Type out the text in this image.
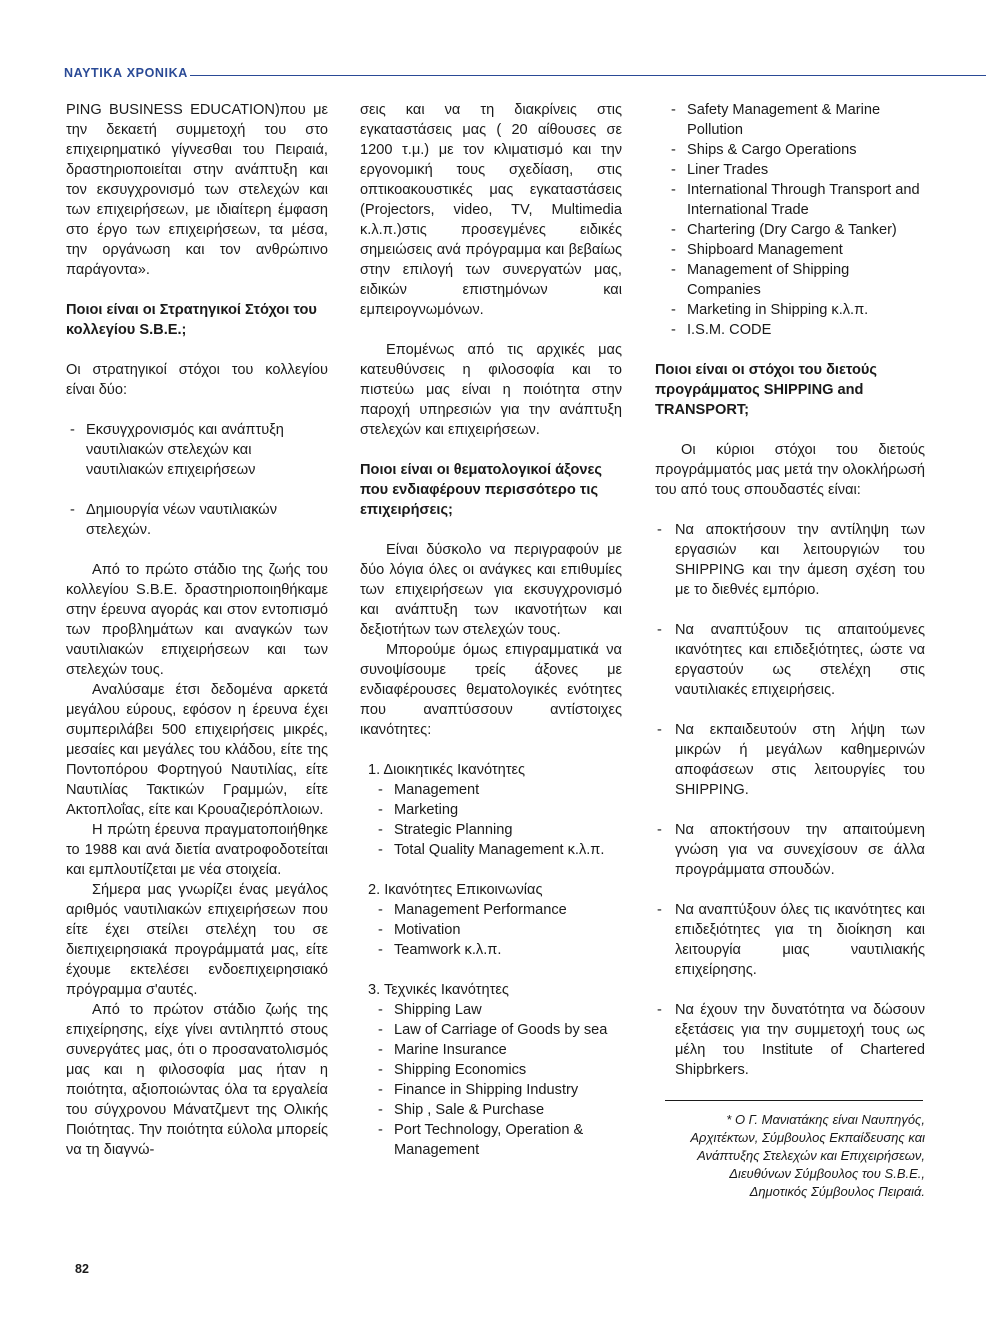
ΝΑΥΤΙΚΑ ΧΡΟΝΙΚΑ

PING BUSINESS EDUCATION)που με την δεκαετή συμμετοχή του στο επιχειρηματικό γίγνεσθαι του Πειραιά, δραστηριοποιείται στην ανάπτυξη και τον εκσυγχρονισμό των στελεχών και των επιχειρήσεων, με ιδιαίτερη έμφαση στο έργο των επιχειρήσεων, τα μέσα, την οργάνωση και τον ανθρώπινο παράγοντα».

Ποιοι είναι οι Στρατηγικοί Στόχοι του κολλεγίου S.B.E.;

Οι στρατηγικοί στόχοι του κολλεγίου είναι δύο:

- Εκσυγχρονισμός και ανάπτυξη ναυτιλιακών στελεχών και ναυτιλιακών επιχειρήσεων
- Δημιουργία νέων ναυτιλιακών στελεχών.

Από το πρώτο στάδιο της ζωής του κολλεγίου S.B.E. δραστηριοποιηθήκαμε στην έρευνα αγοράς και στον εντοπισμό των προβλημάτων και αναγκών των ναυτιλιακών επιχειρήσεων και των στελεχών τους.

Αναλύσαμε έτσι δεδομένα αρκετά μεγάλου εύρους, εφόσον η έρευνα έχει συμπεριλάβει 500 επιχειρήσεις μικρές, μεσαίες και μεγάλες του κλάδου, είτε της Ποντοπόρου Φορτηγού Ναυτιλίας, είτε Ναυτιλίας Τακτικών Γραμμών, είτε Ακτοπλοΐας, είτε και Κρουαζιερόπλοιων.

Η πρώτη έρευνα πραγματοποιήθηκε το 1988 και ανά διετία ανατροφοδοτείται και εμπλουτίζεται με νέα στοιχεία.

Σήμερα μας γνωρίζει ένας μεγάλος αριθμός ναυτιλιακών επιχειρήσεων που είτε έχει στείλει στελέχη του σε διεπιχειρησιακά προγράμματά μας, είτε έχουμε εκτελέσει ενδοεπιχειρησιακό πρόγραμμα σ'αυτές.

Από το πρώτον στάδιο ζωής της επιχείρησης, είχε γίνει αντιληπτό στους συνεργάτες μας, ότι ο προσανατολισμός μας και η φιλοσοφία μας ήταν η ποιότητα, αξιοποιώντας όλα τα εργαλεία του σύγχρονου Μάνατζμεντ της Ολικής Ποιότητας. Την ποιότητα εύλολα μπορείς να τη διαγνώ-

σεις και να τη διακρίνεις στις εγκαταστάσεις μας ( 20 αίθουσες σε 1200 τ.μ.) με τον κλιματισμό και την εργονομική τους σχεδίαση, στις οπτικοακουστικές μας εγκαταστάσεις (Projectors, video, TV, Multimedia κ.λ.π.)στις προσεγμένες ειδικές σημειώσεις ανά πρόγραμμα και βεβαίως στην επιλογή των συνεργατών μας, ειδικών επιστημόνων και εμπειρογνωμόνων.

Επομένως από τις αρχικές μας κατευθύνσεις η φιλοσοφία και το πιστεύω μας είναι η ποιότητα στην παροχή υπηρεσιών για την ανάπτυξη στελεχών και επιχειρήσεων.

Ποιοι είναι οι θεματολογικοί άξονες που ενδιαφέρουν περισσότερο τις επιχειρήσεις;

Είναι δύσκολο να περιγραφούν με δύο λόγια όλες οι ανάγκες και επιθυμίες των επιχειρήσεων για εκσυγχρονισμό και ανάπτυξη των ικανοτήτων και δεξιοτήτων των στελεχών τους.

Μπορούμε όμως επιγραμματικά να συνοψίσουμε τρείς άξονες με ενδιαφέρουσες θεματολογικές ενότητες που αναπτύσσουν αντίστοιχες ικανότητες:

1. Διοικητικές Ικανότητες
- Management
- Marketing
- Strategic Planning
- Total Quality Management κ.λ.π.
2. Ικανότητες Επικοινωνίας
- Management Performance
- Motivation
- Teamwork κ.λ.π.
3. Τεχνικές Ικανότητες
- Shipping Law
- Law of Carriage of Goods by sea
- Marine Insurance
- Shipping Economics
- Finance in Shipping Industry
- Ship , Sale & Purchase
- Port Technology, Operation & Management
- Safety Management & Marine Pollution
- Ships & Cargo Operations
- Liner Trades
- International Through Transport and International Trade
- Chartering (Dry Cargo & Tanker)
- Shipboard Management
- Management of Shipping Companies
- Marketing in Shipping κ.λ.π.
- I.S.M. CODE
Ποιοι είναι οι στόχοι του διετούς προγράμματος SHIPPING and TRANSPORT;

Οι κύριοι στόχοι του διετούς προγράμματός μας μετά την ολοκλήρωσή του από τους σπουδαστές είναι:

- Να αποκτήσουν την αντίληψη των εργασιών και λειτουργιών του SHIPPING και την άμεση σχέση του με το διεθνές εμπόριο.
- Να αναπτύξουν τις απαιτούμενες ικανότητες και επιδεξιότητες, ώστε να εργαστούν ως στελέχη στις ναυτιλιακές επιχειρήσεις.
- Να εκπαιδευτούν στη λήψη των μικρών ή μεγάλων καθημερινών αποφάσεων στις λειτουργίες του SHIPPING.
- Να αποκτήσουν την απαιτούμενη γνώση για να συνεχίσουν σε άλλα προγράμματα σπουδών.
- Να αναπτύξουν όλες τις ικανότητες και επιδεξιότητες για τη διοίκηση και λειτουργία μιας ναυτιλιακής επιχείρησης.
- Να έχουν την δυνατότητα να δώσουν εξετάσεις για την συμμετοχή τους ως μέλη του Institute of Chartered Shipbrkers.
* Ο Γ. Μανιατάκης είναι Ναυπηγός,
Αρχιτέκτων, Σύμβουλος Εκπαίδευσης και
Ανάπτυξης Στελεχών και Επιχειρήσεων,
Διευθύνων Σύμβουλος του S.B.E.,
Δημοτικός Σύμβουλος Πειραιά.
82
